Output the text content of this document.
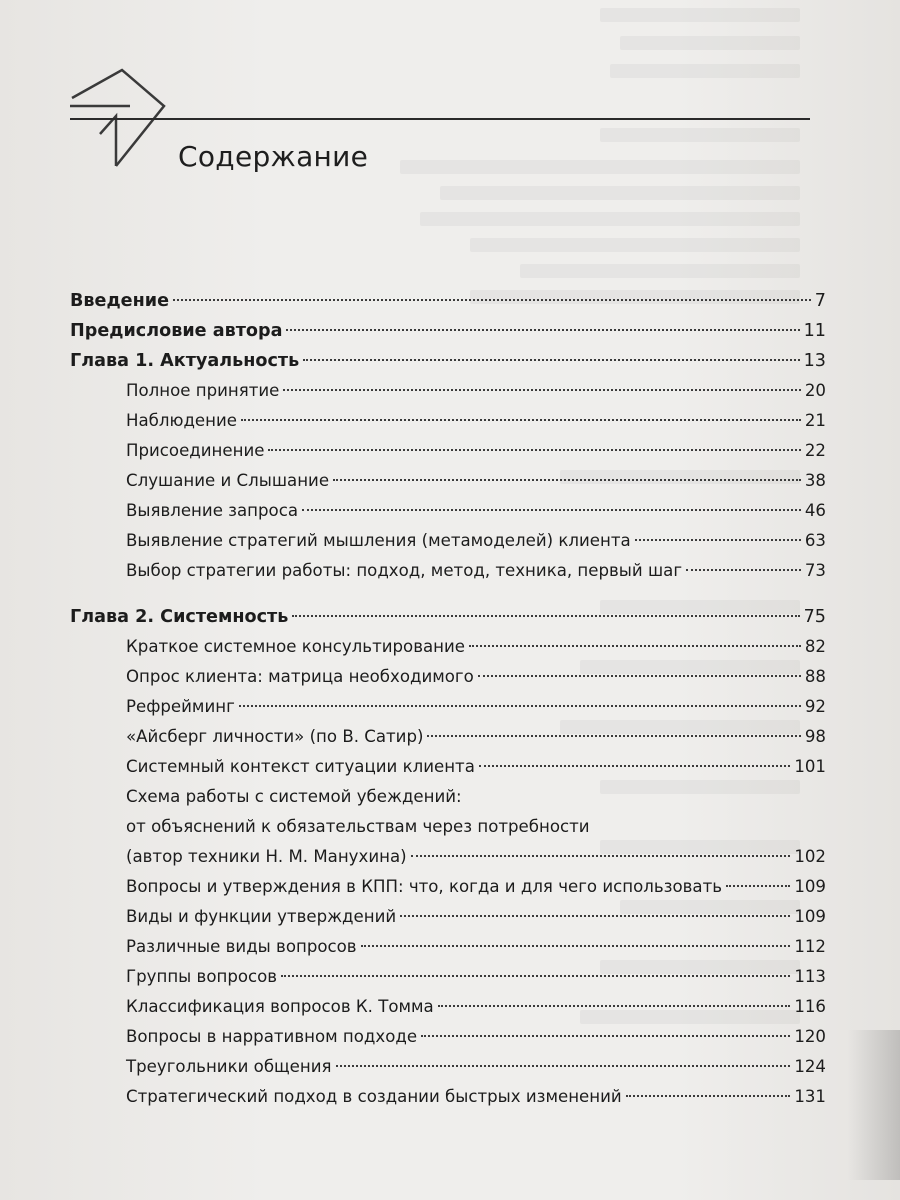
Содержание
Введение	7
Предисловие автора	11
Глава 1. Актуальность	13
Полное принятие	20
Наблюдение	21
Присоединение	22
Слушание и Слышание	38
Выявление запроса	46
Выявление стратегий мышления (метамоделей) клиента	63
Выбор стратегии работы: подход, метод, техника, первый шаг	73
Глава 2. Системность	75
Краткое системное консультирование	82
Опрос клиента: матрица необходимого	88
Рефрейминг	92
«Айсберг личности» (по В. Сатир)	98
Системный контекст ситуации клиента	101
Схема работы с системой убеждений:
от объяснений к обязательствам через потребности
(автор техники Н. М. Манухина)	102
Вопросы и утверждения в КПП: что, когда и для чего использовать	109
Виды и функции утверждений	109
Различные виды вопросов	112
Группы вопросов	113
Классификация вопросов К. Томма	116
Вопросы в нарративном подходе	120
Треугольники общения	124
Стратегический подход в создании быстрых изменений	131
